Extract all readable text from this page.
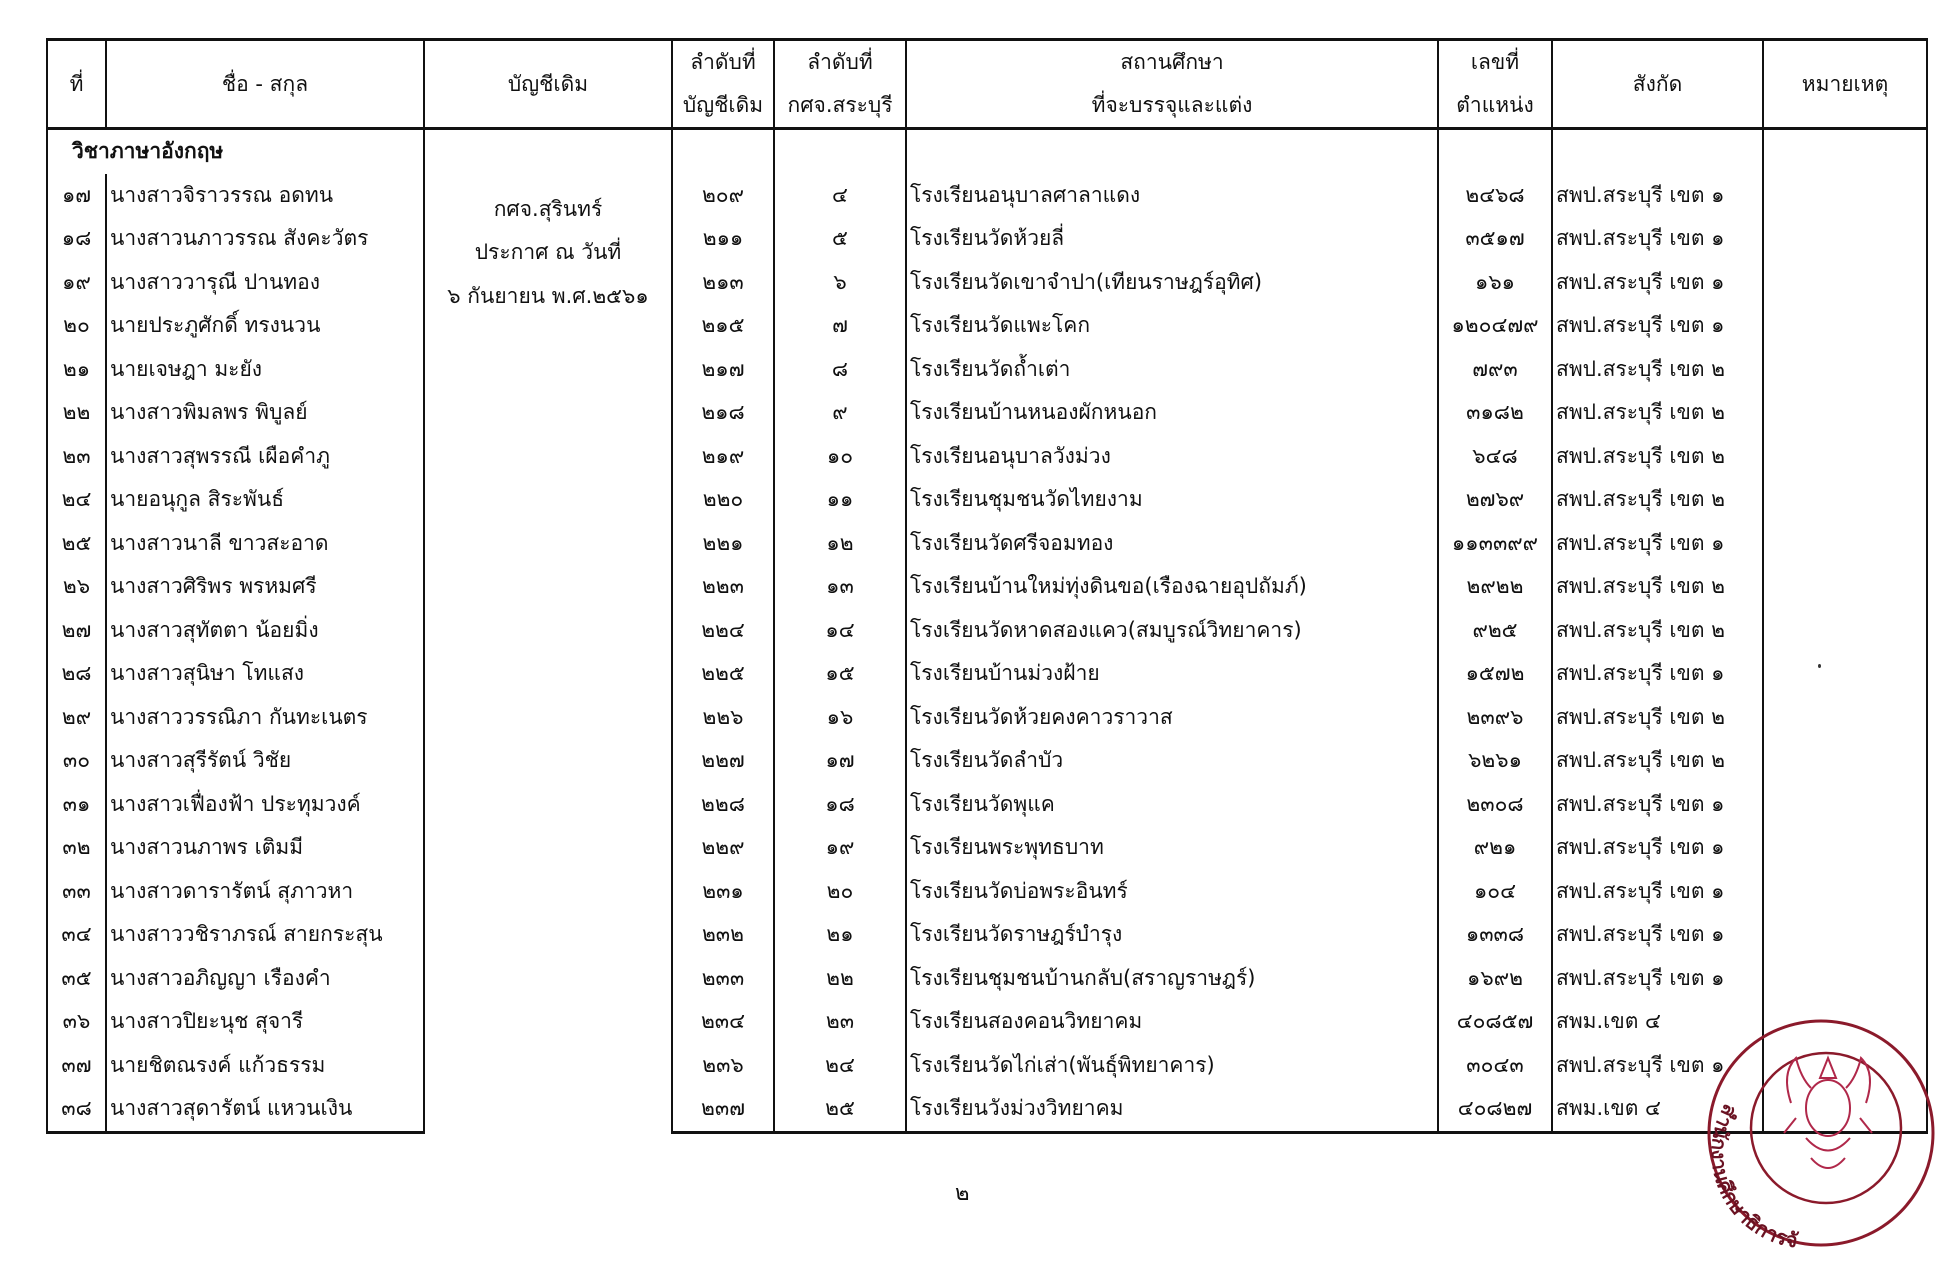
ที่	ชื่อ - สกุล	บัญชีเดิม	
ลำดับที่
บัญชีเดิม

ลำดับที่
กศจ.สระบุรี

สถานศึกษา
ที่จะบรรจุและแต่ง

เลขที่
ตำแหน่ง
	สังกัด	หมายเหตุ
วิชาภาษาอังกฤษ	
กศจ.สุรินทร์
ประกาศ ณ วันที่
๖ กันยายน พ.ศ.๒๕๖๑

๑๗	นางสาวจิราวรรณ อดทน	๒๐๙	๔	โรงเรียนอนุบาลศาลาแดง	๒๔๖๘	สพป.สระบุรี เขต ๑	
๑๘	นางสาวนภาวรรณ สังคะวัตร	๒๑๑	๕	โรงเรียนวัดห้วยลี่	๓๕๑๗	สพป.สระบุรี เขต ๑	
๑๙	นางสาววารุณี ปานทอง	๒๑๓	๖	โรงเรียนวัดเขาจำปา(เทียนราษฎร์อุทิศ)	๑๖๑	สพป.สระบุรี เขต ๑	
๒๐	นายประภูศักดิ์ ทรงนวน	๒๑๕	๗	โรงเรียนวัดแพะโคก	๑๒๐๔๗๙	สพป.สระบุรี เขต ๑	
๒๑	นายเจษฎา มะยัง	๒๑๗	๘	โรงเรียนวัดถ้ำเต่า	๗๙๓	สพป.สระบุรี เขต ๒	
๒๒	นางสาวพิมลพร พิบูลย์	๒๑๘	๙	โรงเรียนบ้านหนองผักหนอก	๓๑๘๒	สพป.สระบุรี เขต ๒	
๒๓	นางสาวสุพรรณี เผือคำภู	๒๑๙	๑๐	โรงเรียนอนุบาลวังม่วง	๖๔๘	สพป.สระบุรี เขต ๒	
๒๔	นายอนุกูล สิระพันธ์	๒๒๐	๑๑	โรงเรียนชุมชนวัดไทยงาม	๒๗๖๙	สพป.สระบุรี เขต ๒	
๒๕	นางสาวนาลี ขาวสะอาด	๒๒๑	๑๒	โรงเรียนวัดศรีจอมทอง	๑๑๓๓๙๙	สพป.สระบุรี เขต ๑	
๒๖	นางสาวศิริพร พรหมศรี	๒๒๓	๑๓	โรงเรียนบ้านใหม่ทุ่งดินขอ(เรืองฉายอุปถัมภ์)	๒๙๒๒	สพป.สระบุรี เขต ๒	
๒๗	นางสาวสุทัตตา น้อยมิ่ง	๒๒๔	๑๔	โรงเรียนวัดหาดสองแคว(สมบูรณ์วิทยาคาร)	๙๒๕	สพป.สระบุรี เขต ๒	
๒๘	นางสาวสุนิษา โทแสง	๒๒๕	๑๕	โรงเรียนบ้านม่วงฝ้าย	๑๕๗๒	สพป.สระบุรี เขต ๑	
๒๙	นางสาววรรณิภา กันทะเนตร	๒๒๖	๑๖	โรงเรียนวัดห้วยคงคาวราวาส	๒๓๙๖	สพป.สระบุรี เขต ๒	
๓๐	นางสาวสุรีรัตน์ วิชัย	๒๒๗	๑๗	โรงเรียนวัดลำบัว	๖๒๖๑	สพป.สระบุรี เขต ๒	
๓๑	นางสาวเฟื่องฟ้า ประทุมวงค์	๒๒๘	๑๘	โรงเรียนวัดพุแค	๒๓๐๘	สพป.สระบุรี เขต ๑	
๓๒	นางสาวนภาพร เติมมี	๒๒๙	๑๙	โรงเรียนพระพุทธบาท	๙๒๑	สพป.สระบุรี เขต ๑	
๓๓	นางสาวดารารัตน์ สุภาวหา	๒๓๑	๒๐	โรงเรียนวัดบ่อพระอินทร์	๑๐๔	สพป.สระบุรี เขต ๑	
๓๔	นางสาววชิราภรณ์ สายกระสุน	๒๓๒	๒๑	โรงเรียนวัดราษฎร์บำรุง	๑๓๓๘	สพป.สระบุรี เขต ๑	
๓๕	นางสาวอภิญญา เรืองคำ	๒๓๓	๒๒	โรงเรียนชุมชนบ้านกลับ(สราญราษฎร์)	๑๖๙๒	สพป.สระบุรี เขต ๑	
๓๖	นางสาวปิยะนุช สุจารี	๒๓๔	๒๓	โรงเรียนสองคอนวิทยาคม	๔๐๘๕๗	สพม.เขต ๔	
๓๗	นายชิตณรงค์ แก้วธรรม	๒๓๖	๒๔	โรงเรียนวัดไก่เส่า(พันธุ์พิทยาคาร)	๓๐๔๓	สพป.สระบุรี เขต ๑	
๓๘	นางสาวสุดารัตน์ แหวนเงิน	๒๓๗	๒๕	โรงเรียนวังม่วงวิทยาคม	๔๐๘๒๗	สพม.เขต ๔	
๒
สำนักงานศึกษาธิการจั
